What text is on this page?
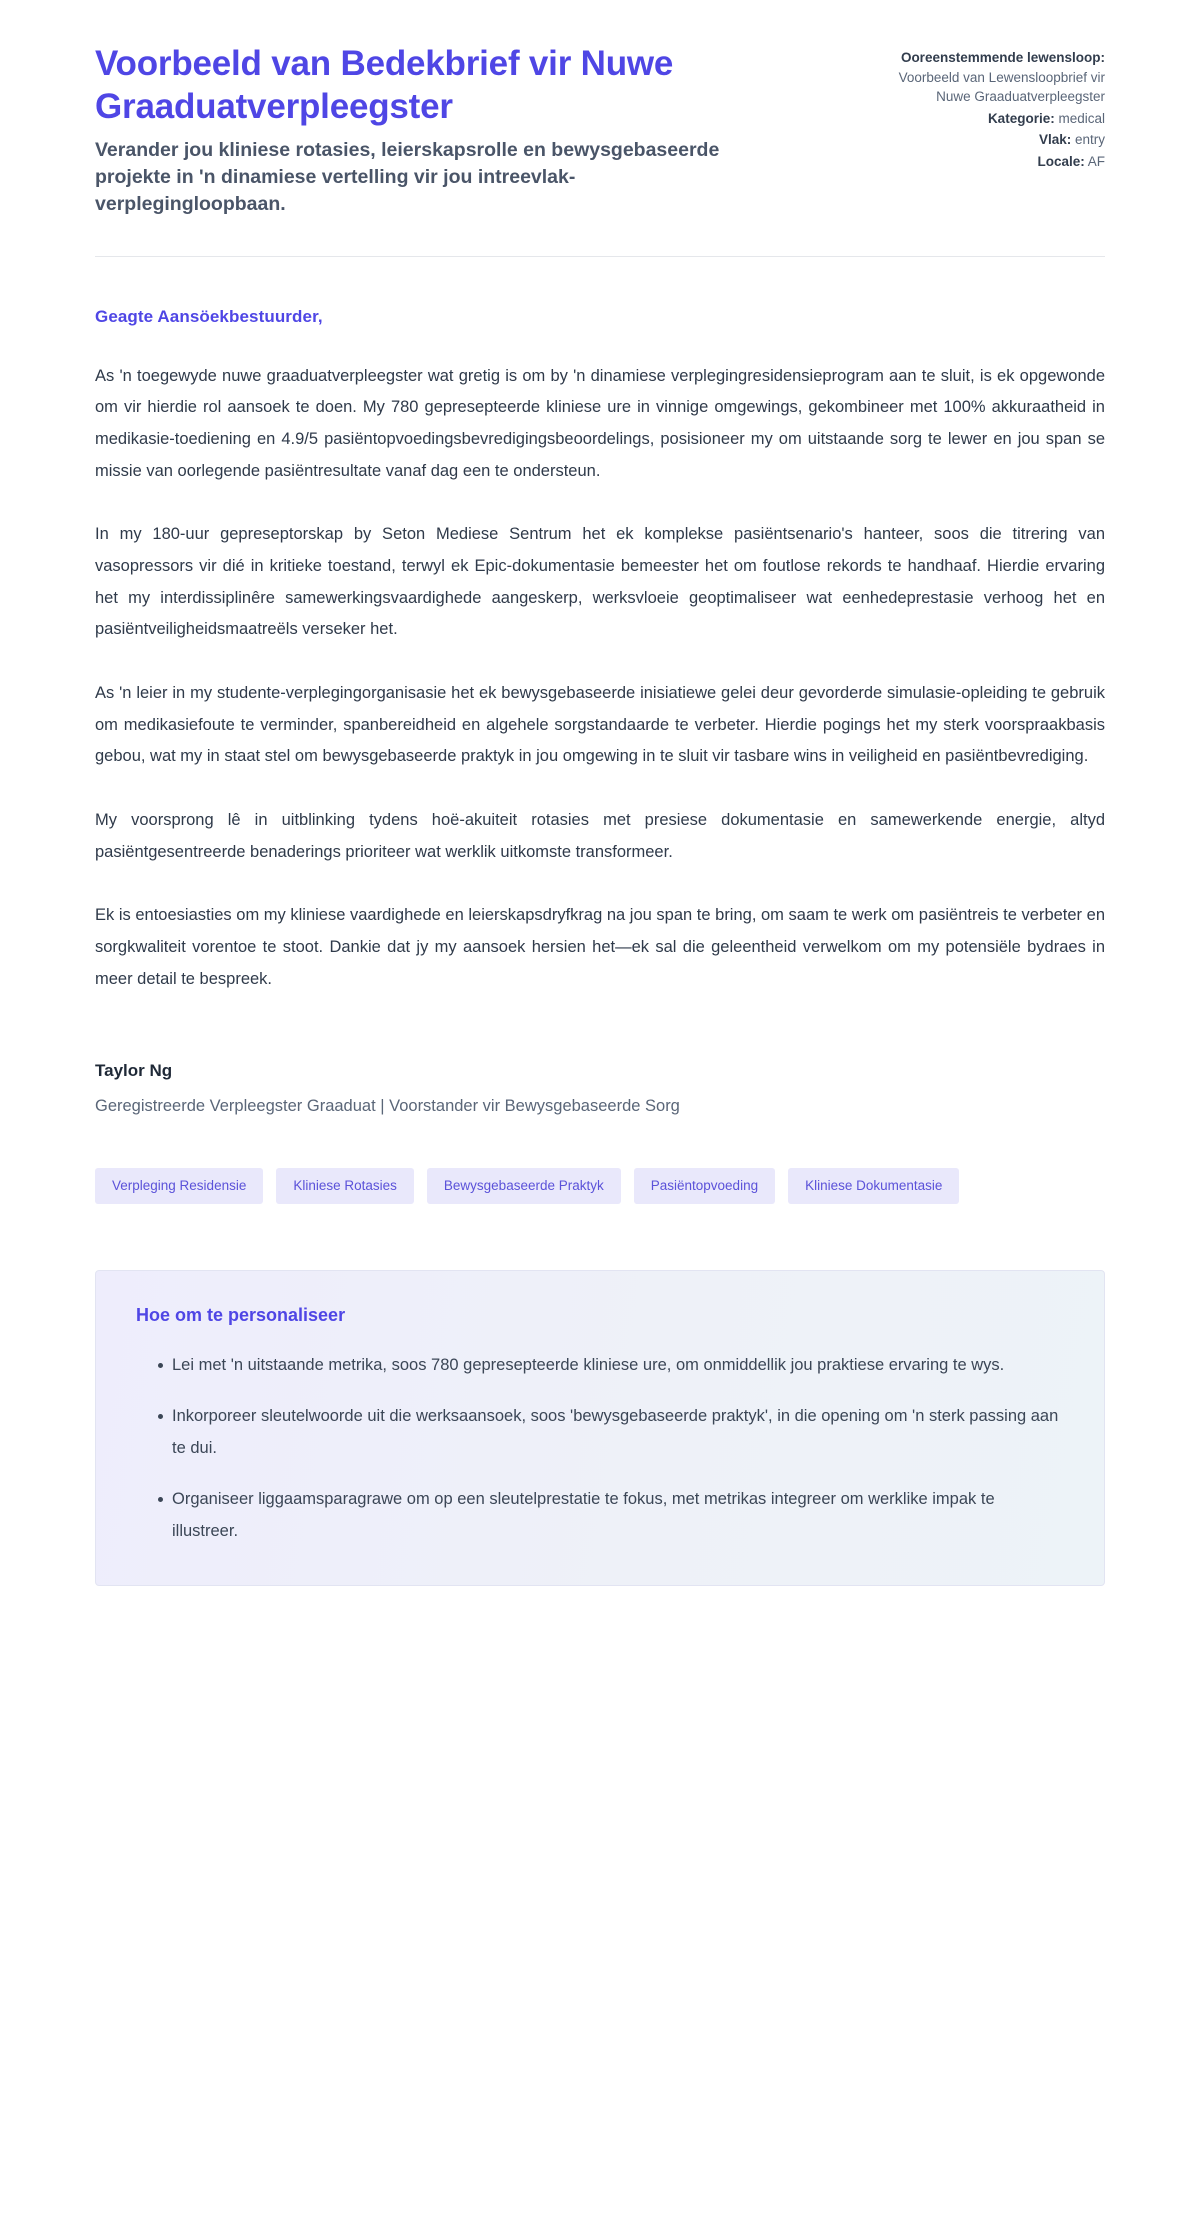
Voorbeeld van Bedekbrief vir Nuwe Graaduatverpleegster

Verander jou kliniese rotasies, leierskapsrolle en bewysgebaseerde projekte in 'n dinamiese vertelling vir jou intreevlak-verplegingloopbaan.

Ooreenstemmende lewensloop: Voorbeeld van Lewensloopbrief vir Nuwe Graaduatverpleegster

Kategorie: medical

Vlak: entry

Locale: AF

Geagte Aansöekbestuurder,

As 'n toegewyde nuwe graaduatverpleegster wat gretig is om by 'n dinamiese verplegingresidensieprogram aan te sluit, is ek opgewonde om vir hierdie rol aansoek te doen. My 780 gepresepteerde kliniese ure in vinnige omgewings, gekombineer met 100% akkuraatheid in medikasie-toediening en 4.9/5 pasiëntopvoedingsbevredigingsbeoordelings, posisioneer my om uitstaande sorg te lewer en jou span se missie van oorlegende pasiëntresultate vanaf dag een te ondersteun.

In my 180-uur gepreseptorskap by Seton Mediese Sentrum het ek komplekse pasiëntsenario's hanteer, soos die titrering van vasopressors vir dié in kritieke toestand, terwyl ek Epic-dokumentasie bemeester het om foutlose rekords te handhaaf. Hierdie ervaring het my interdissiplinêre samewerkingsvaardighede aangeskerp, werksvloeie geoptimaliseer wat eenhedeprestasie verhoog het en pasiëntveiligheidsmaatreëls verseker het.

As 'n leier in my studente-verplegingorganisasie het ek bewysgebaseerde inisiatiewe gelei deur gevorderde simulasie-opleiding te gebruik om medikasiefoute te verminder, spanbereidheid en algehele sorgstandaarde te verbeter. Hierdie pogings het my sterk voorspraakbasis gebou, wat my in staat stel om bewysgebaseerde praktyk in jou omgewing in te sluit vir tasbare wins in veiligheid en pasiëntbevrediging.

My voorsprong lê in uitblinking tydens hoë-akuiteit rotasies met presiese dokumentasie en samewerkende energie, altyd pasiëntgesentreerde benaderings prioriteer wat werklik uitkomste transformeer.

Ek is entoesiasties om my kliniese vaardighede en leierskapsdryfkrag na jou span te bring, om saam te werk om pasiëntreis te verbeter en sorgkwaliteit vorentoe te stoot. Dankie dat jy my aansoek hersien het—ek sal die geleentheid verwelkom om my potensiële bydraes in meer detail te bespreek.

Taylor Ng

Geregistreerde Verpleegster Graaduat | Voorstander vir Bewysgebaseerde Sorg

Verpleging Residensie	Kliniese Rotasies	Bewysgebaseerde Praktyk	Pasiëntopvoeding	Kliniese Dokumentasie
Hoe om te personaliseer
Lei met 'n uitstaande metrika, soos 780 gepresepteerde kliniese ure, om onmiddellik jou praktiese ervaring te wys.
Inkorporeer sleutelwoorde uit die werksaansoek, soos 'bewysgebaseerde praktyk', in die opening om 'n sterk passing aan te dui.
Organiseer liggaamsparagrawe om op een sleutelprestatie te fokus, met metrikas integreer om werklike impak te illustreer.
